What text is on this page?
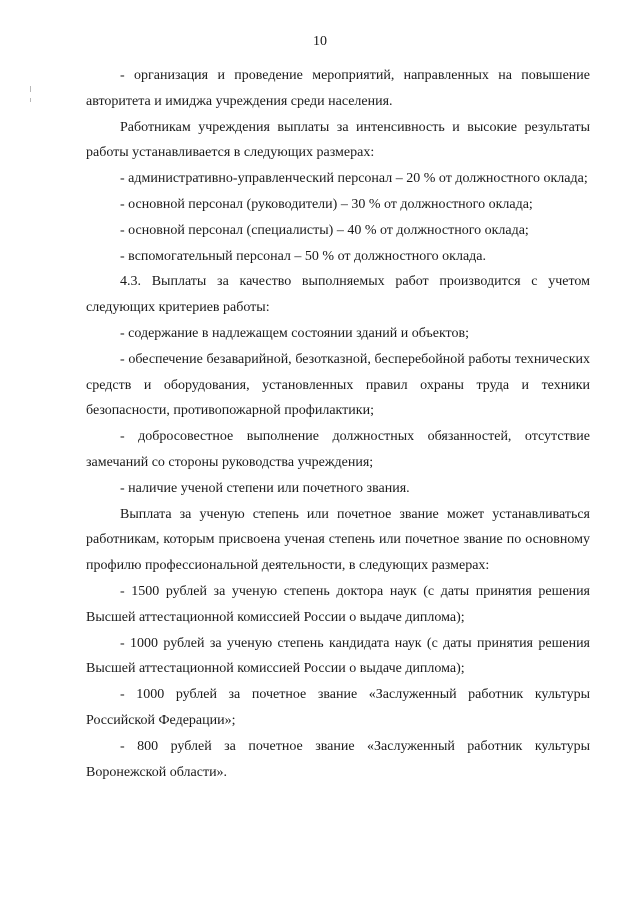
10

- организация и проведение мероприятий, направленных на повышение авторитета и имиджа учреждения среди населения.

Работникам учреждения выплаты за интенсивность и высокие результаты работы устанавливается в следующих размерах:

- административно-управленческий персонал – 20 % от должностного оклада;

- основной персонал (руководители) – 30 % от должностного оклада;

- основной персонал (специалисты) – 40 % от должностного оклада;

- вспомогательный персонал – 50 % от должностного оклада.

4.3. Выплаты за качество выполняемых работ производится с учетом следующих критериев работы:

- содержание в надлежащем состоянии зданий и объектов;

- обеспечение безаварийной, безотказной, бесперебойной работы технических средств и оборудования, установленных правил охраны труда и техники безопасности, противопожарной профилактики;

- добросовестное выполнение должностных обязанностей, отсутствие замечаний со стороны руководства учреждения;

- наличие ученой степени или почетного звания.

Выплата за ученую степень или почетное звание может устанавливаться работникам, которым присвоена ученая степень или почетное звание по основному профилю профессиональной деятельности, в следующих размерах:

- 1500 рублей за ученую степень доктора наук (с даты принятия решения Высшей аттестационной комиссией России о выдаче диплома);

- 1000 рублей за ученую степень кандидата наук (с даты принятия решения Высшей аттестационной комиссией России о выдаче диплома);

- 1000 рублей за почетное звание «Заслуженный работник культуры Российской Федерации»;

- 800 рублей за почетное звание «Заслуженный работник культуры Воронежской области».
